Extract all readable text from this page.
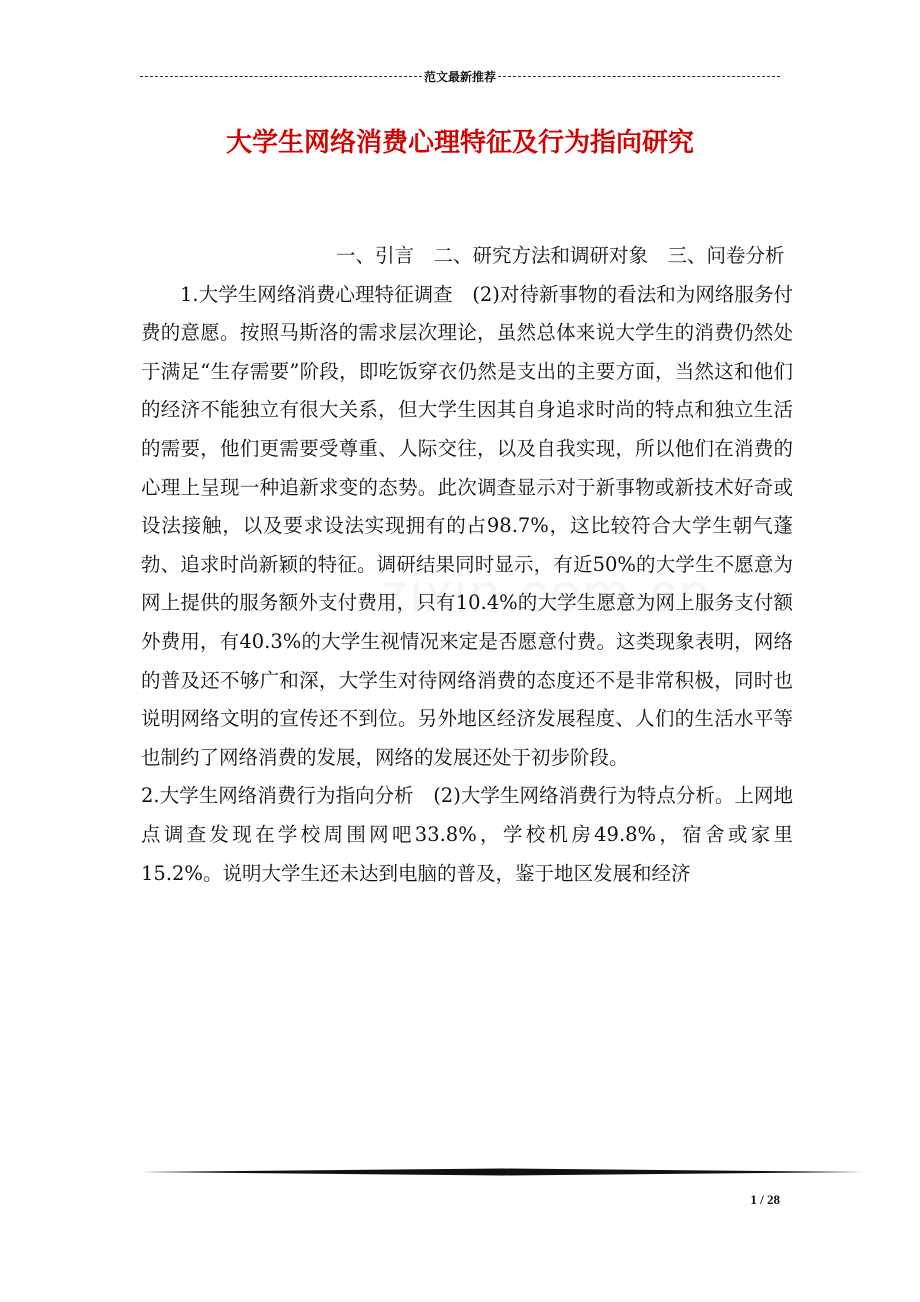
范文最新推荐
大学生网络消费心理特征及行为指向研究

一、引言　二、研究方法和调研对象　三、问卷分析

1.大学生网络消费心理特征调查　(2)对待新事物的看法和为网络服务付费的意愿。按照马斯洛的需求层次理论，虽然总体来说大学生的消费仍然处于满足“生存需要”阶段，即吃饭穿衣仍然是支出的主要方面，当然这和他们的经济不能独立有很大关系，但大学生因其自身追求时尚的特点和独立生活的需要，他们更需要受尊重、人际交往，以及自我实现，所以他们在消费的心理上呈现一种追新求变的态势。此次调查显示对于新事物或新技术好奇或设法接触，以及要求设法实现拥有的占98.7%，这比较符合大学生朝气蓬勃、追求时尚新颖的特征。调研结果同时显示，有近50%的大学生不愿意为网上提供的服务额外支付费用，只有10.4%的大学生愿意为网上服务支付额外费用，有40.3%的大学生视情况来定是否愿意付费。这类现象表明，网络的普及还不够广和深，大学生对待网络消费的态度还不是非常积极，同时也说明网络文明的宣传还不到位。另外地区经济发展程度、人们的生活水平等也制约了网络消费的发展，网络的发展还处于初步阶段。

2.大学生网络消费行为指向分析　(2)大学生网络消费行为特点分析。上网地点调查发现在学校周围网吧33.8%，学校机房49.8%，宿舍或家里15.2%。说明大学生还未达到电脑的普及，鉴于地区发展和经济

1 / 28
